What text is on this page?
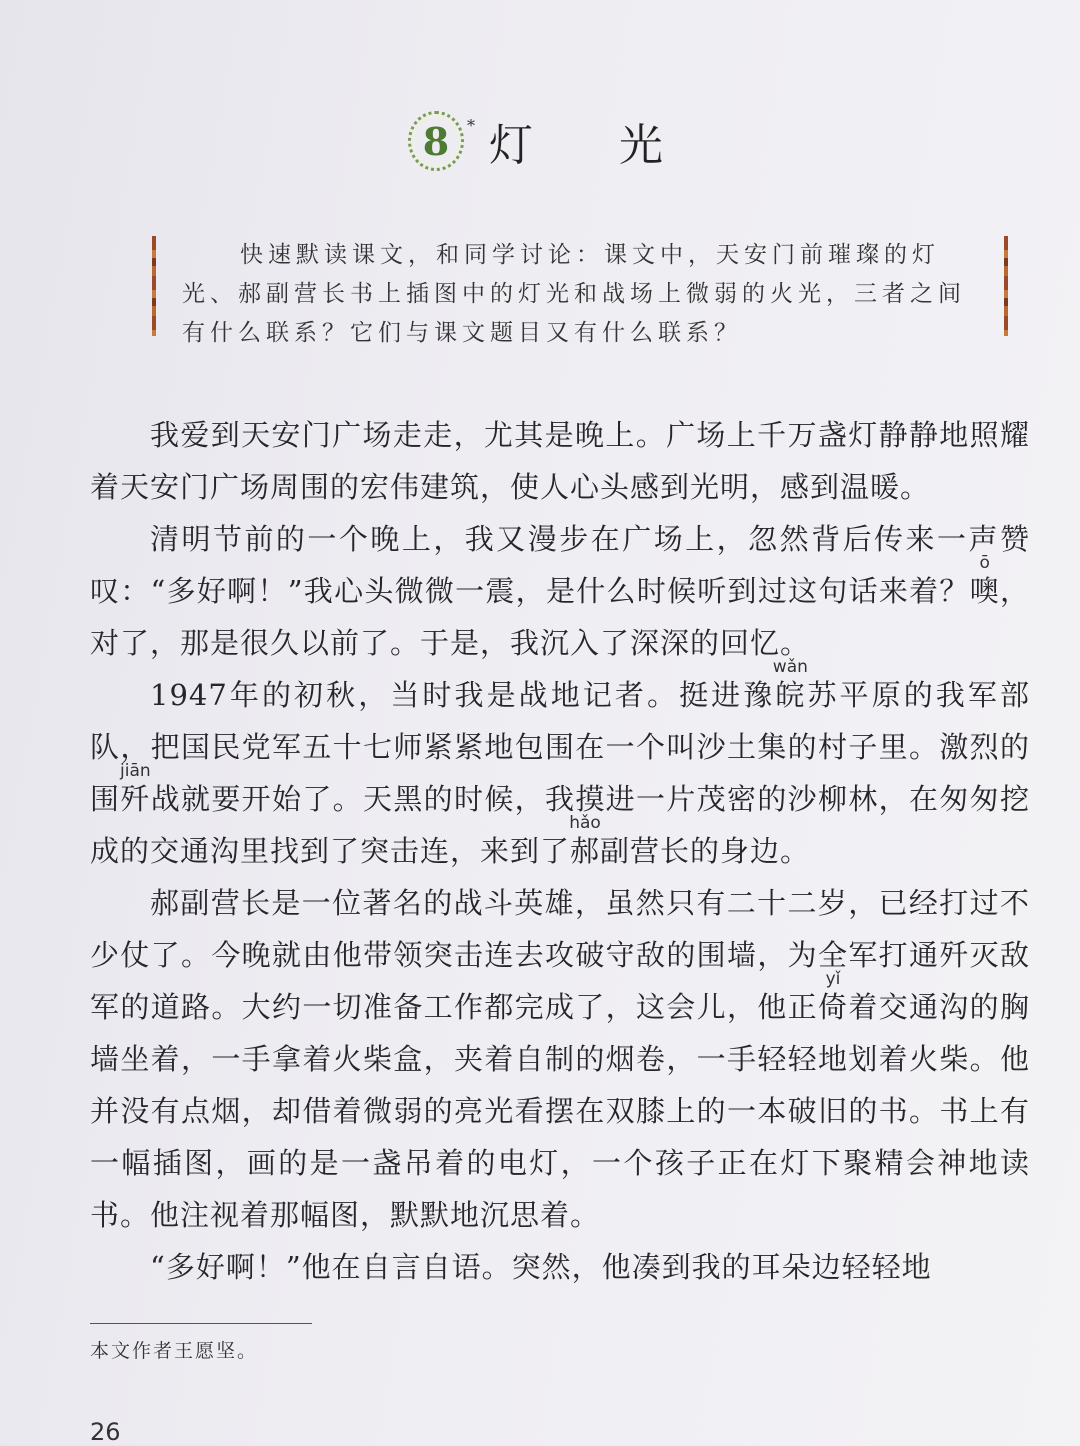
8 * 灯 光
快速默读课文，和同学讨论：课文中，天安门前璀璨的灯光、郝副营长书上插图中的灯光和战场上微弱的火光，三者之间有什么联系？它们与课文题目又有什么联系？

我爱到天安门广场走走，尤其是晚上。广场上千万盏灯静静地照耀着天安门广场周围的宏伟建筑，使人心头感到光明，感到温暖。

清明节前的一个晚上，我又漫步在广场上，忽然背后传来一声赞叹：“多好啊！”我心头微微一震，是什么时候听到过这句话来着？
ō
噢，对了，那是很久以前了。于是，我沉入了深深的回忆。

1947年的初秋，当时我是战地记者。挺进豫
wǎn
皖苏平原的我军部队，把国民党军五十七师紧紧地包围在一个叫沙土集的村子里。激烈的围
jiān
歼战就要开始了。天黑的时候，我摸进一片茂密的沙柳林，在匆匆挖成的交通沟里找到了突击连，来到了
hǎo
郝副营长的身边。

郝副营长是一位著名的战斗英雄，虽然只有二十二岁，已经打过不少仗了。今晚就由他带领突击连去攻破守敌的围墙，为全军打通歼灭敌军的道路。大约一切准备工作都完成了，这会儿，他正
yǐ
倚着交通沟的胸墙坐着，一手拿着火柴盒，夹着自制的烟卷，一手轻轻地划着火柴。他并没有点烟，却借着微弱的亮光看摆在双膝上的一本破旧的书。书上有一幅插图，画的是一盏吊着的电灯，一个孩子正在灯下聚精会神地读书。他注视着那幅图，默默地沉思着。

“多好啊！”他在自言自语。突然，他凑到我的耳朵边轻轻地

本文作者王愿坚。
26
